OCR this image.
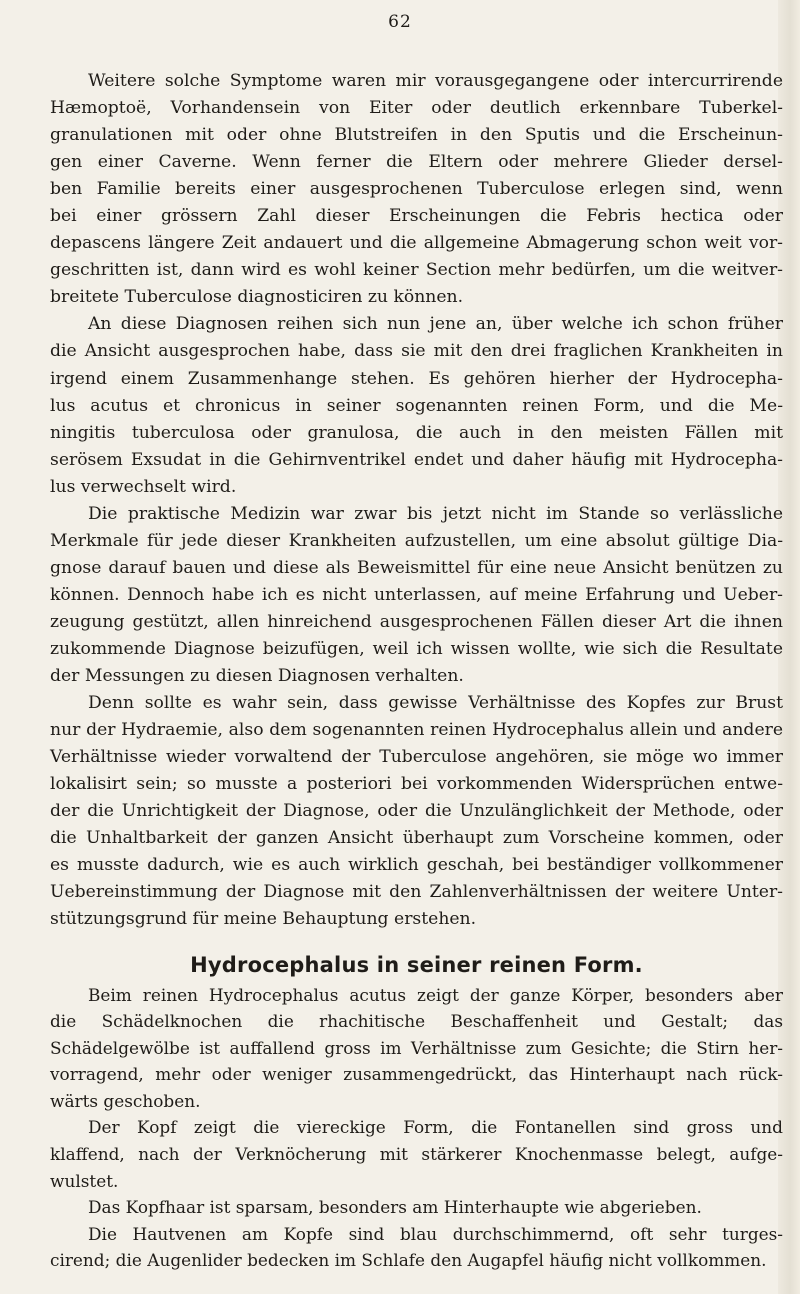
62
Weitere solche Symptome waren mir vorausgegangene oder intercurrirende
Hæmoptoë, Vorhandensein von Eiter oder deutlich erkennbare Tuberkel-
granulationen mit oder ohne Blutstreifen in den Sputis und die Erscheinun-
gen einer Caverne. Wenn ferner die Eltern oder mehrere Glieder dersel-
ben Familie bereits einer ausgesprochenen Tuberculose erlegen sind, wenn
bei einer grössern Zahl dieser Erscheinungen die Febris hectica oder
depascens längere Zeit andauert und die allgemeine Abmagerung schon weit vor-
geschritten ist, dann wird es wohl keiner Section mehr bedürfen, um die weitver-
breitete Tuberculose diagnosticiren zu können.
An diese Diagnosen reihen sich nun jene an, über welche ich schon früher
die Ansicht ausgesprochen habe, dass sie mit den drei fraglichen Krankheiten in
irgend einem Zusammenhange stehen. Es gehören hierher der Hydrocepha-
lus acutus et chronicus in seiner sogenannten reinen Form, und die Me-
ningitis tuberculosa oder granulosa, die auch in den meisten Fällen mit
serösem Exsudat in die Gehirnventrikel endet und daher häufig mit Hydrocepha-
lus verwechselt wird.
Die praktische Medizin war zwar bis jetzt nicht im Stande so verlässliche
Merkmale für jede dieser Krankheiten aufzustellen, um eine absolut gültige Dia-
gnose darauf bauen und diese als Beweismittel für eine neue Ansicht benützen zu
können. Dennoch habe ich es nicht unterlassen, auf meine Erfahrung und Ueber-
zeugung gestützt, allen hinreichend ausgesprochenen Fällen dieser Art die ihnen
zukommende Diagnose beizufügen, weil ich wissen wollte, wie sich die Resultate
der Messungen zu diesen Diagnosen verhalten.
Denn sollte es wahr sein, dass gewisse Verhältnisse des Kopfes zur Brust
nur der Hydraemie, also dem sogenannten reinen Hydrocephalus allein und andere
Verhältnisse wieder vorwaltend der Tuberculose angehören, sie möge wo immer
lokalisirt sein; so musste a posteriori bei vorkommenden Widersprüchen entwe-
der die Unrichtigkeit der Diagnose, oder die Unzulänglichkeit der Methode, oder
die Unhaltbarkeit der ganzen Ansicht überhaupt zum Vorscheine kommen, oder
es musste dadurch, wie es auch wirklich geschah, bei beständiger vollkommener
Uebereinstimmung der Diagnose mit den Zahlenverhältnissen der weitere Unter-
stützungsgrund für meine Behauptung erstehen.
Hydrocephalus in seiner reinen Form.
Beim reinen Hydrocephalus acutus zeigt der ganze Körper, besonders aber
die Schädelknochen die rhachitische Beschaffenheit und Gestalt; das
Schädelgewölbe ist auffallend gross im Verhältnisse zum Gesichte; die Stirn her-
vorragend, mehr oder weniger zusammengedrückt, das Hinterhaupt nach rück-
wärts geschoben.
Der Kopf zeigt die viereckige Form, die Fontanellen sind gross und
klaffend, nach der Verknöcherung mit stärkerer Knochenmasse belegt, aufge-
wulstet.
Das Kopfhaar ist sparsam, besonders am Hinterhaupte wie abgerieben.
Die Hautvenen am Kopfe sind blau durchschimmernd, oft sehr turges-
cirend; die Augenlider bedecken im Schlafe den Augapfel häufig nicht vollkommen.
